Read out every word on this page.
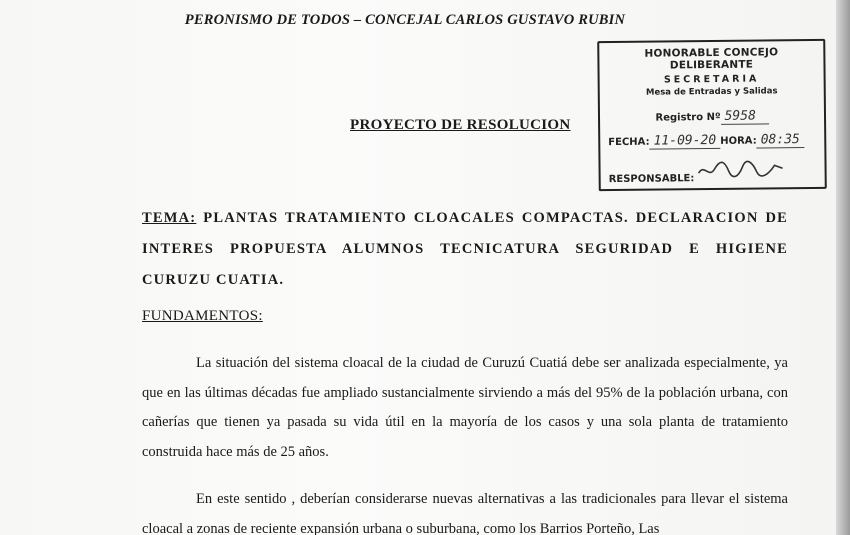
PERONISMO DE TODOS – CONCEJAL CARLOS GUSTAVO RUBIN
HONORABLE CONCEJO DELIBERANTE
SECRETARIA
Mesa de Entradas y Salidas
Registro Nº 5958
FECHA: 11-09-20 HORA: 08:35
RESPONSABLE:
PROYECTO DE RESOLUCION
TEMA: PLANTAS TRATAMIENTO CLOACALES COMPACTAS. DECLARACION DE INTERES PROPUESTA ALUMNOS TECNICATURA SEGURIDAD E HIGIENE CURUZU CUATIA.
FUNDAMENTOS:
La situación del sistema cloacal de la ciudad de Curuzú Cuatiá debe ser analizada especialmente, ya que en las últimas décadas fue ampliado sustancialmente sirviendo a más del 95% de la población urbana, con cañerías que tienen ya pasada su vida útil en la mayoría de los casos y una sola planta de tratamiento construida hace más de 25 años.
En este sentido , deberían considerarse nuevas alternativas a las tradicionales para llevar el sistema cloacal a zonas de reciente expansión urbana o suburbana, como los Barrios Porteño, Las
